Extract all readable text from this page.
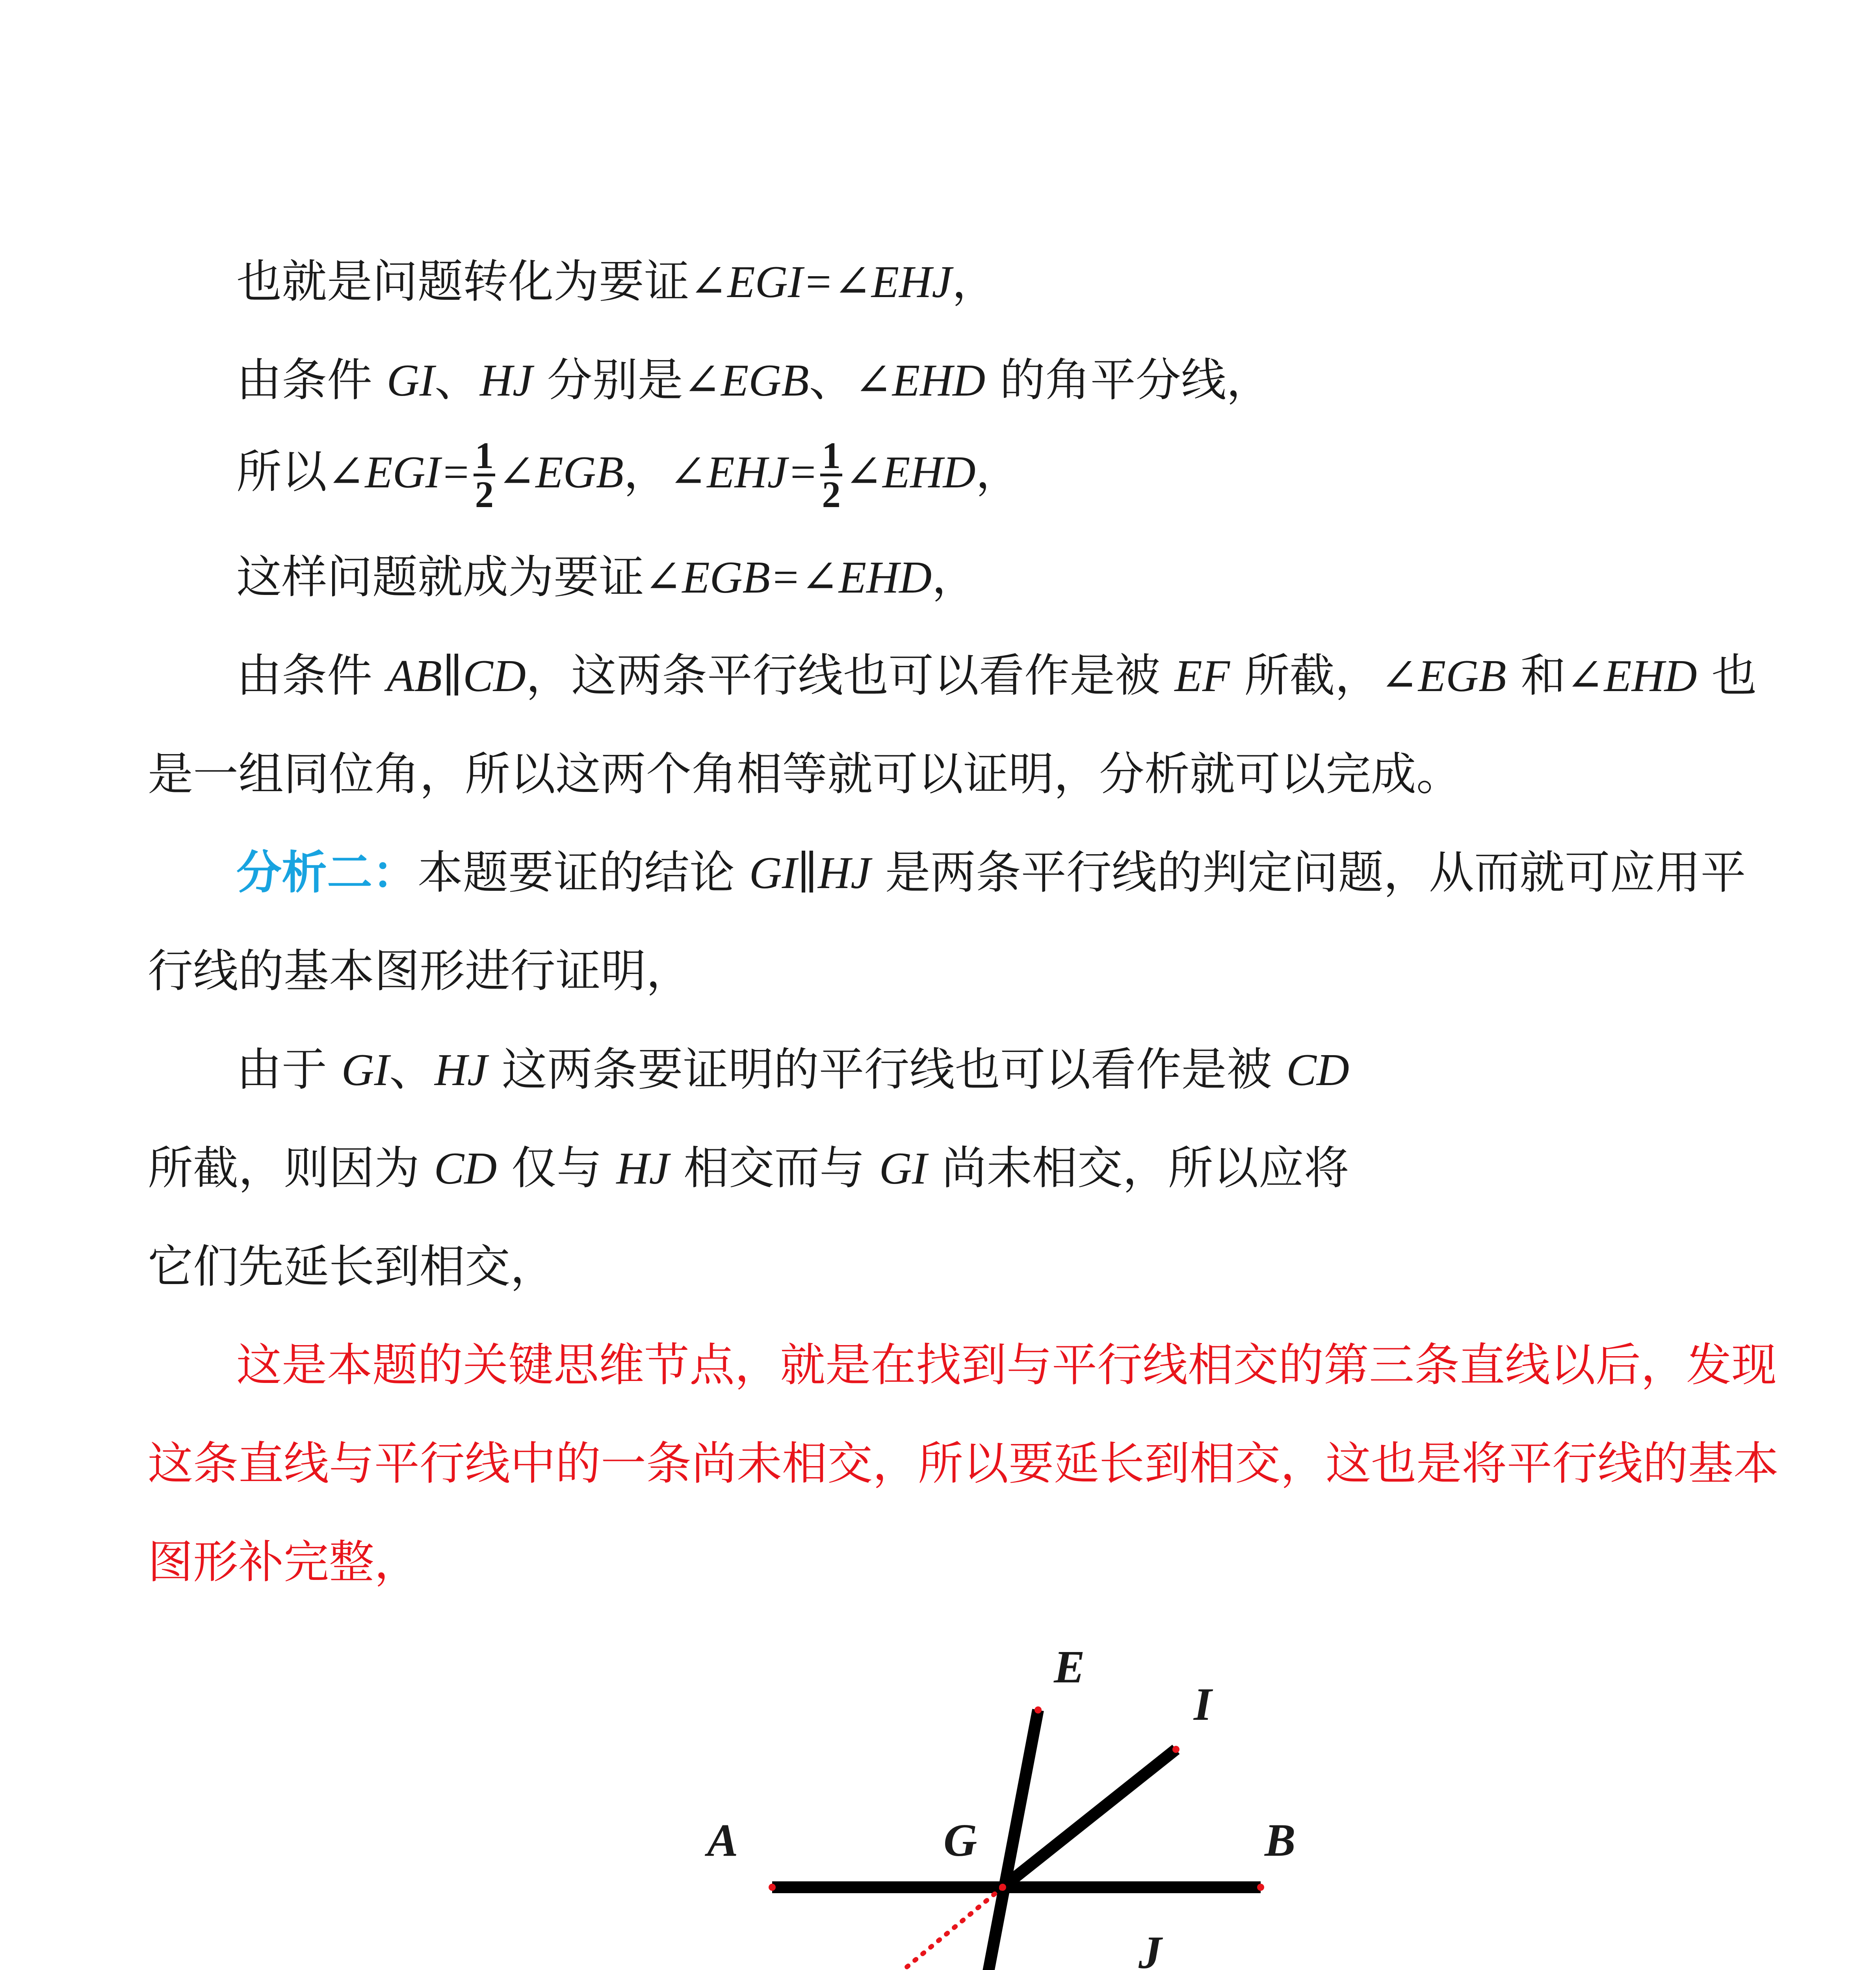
也就是问题转化为要证∠EGI=∠EHJ，
由条件 GI、HJ 分别是∠EGB、∠EHD 的角平分线，
所以∠EGI= $\frac{1}{2}$ ∠EGB，∠EHJ= $\frac{1}{2}$ ∠EHD，
这样问题就成为要证∠EGB=∠EHD，
由条件 AB∥CD，这两条平行线也可以看作是被 EF 所截，∠EGB 和∠EHD 也
是一组同位角，所以这两个角相等就可以证明，分析就可以完成。
分析二：本题要证的结论 GI∥HJ 是两条平行线的判定问题，从而就可应用平
行线的基本图形进行证明，
由于 GI、HJ 这两条要证明的平行线也可以看作是被 CD
所截，则因为 CD 仅与 HJ 相交而与 GI 尚未相交，所以应将
它们先延长到相交，
这是本题的关键思维节点，就是在找到与平行线相交的第三条直线以后，发现
这条直线与平行线中的一条尚未相交，所以要延长到相交，这也是将平行线的基本
图形补完整，
E
I
A	G	B
J
